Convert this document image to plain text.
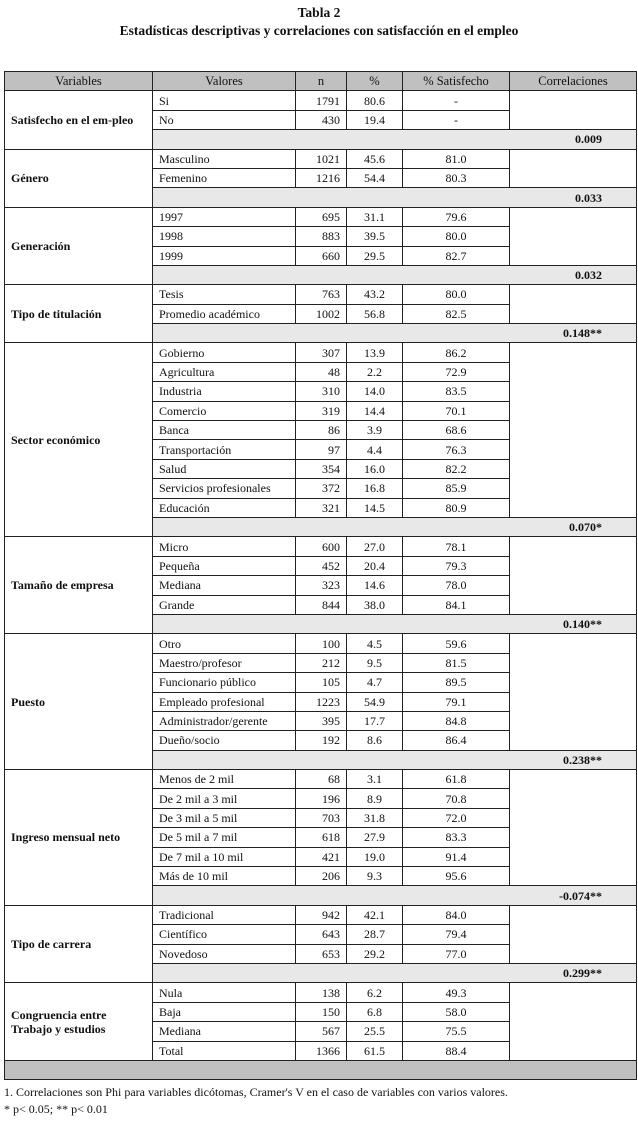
Tabla 2
Estadísticas descriptivas y correlaciones con satisfacción en el empleo
Variables	Valores	n	%	% Satisfecho	Correlaciones
Satisfecho en el em-pleo	Si	1791	80.6	-	
	No	430	19.4	-	
	0.009				
Género	Masculino	1021	45.6	81.0	
	Femenino	1216	54.4	80.3	
	0.033				
Generación	1997	695	31.1	79.6	
	1998	883	39.5	80.0	
	1999	660	29.5	82.7	
	0.032				
Tipo de titulación	Tesis	763	43.2	80.0	
	Promedio académico	1002	56.8	82.5	
	0.148**				
Sector económico	Gobierno	307	13.9	86.2	
	Agricultura	48	2.2	72.9	
	Industria	310	14.0	83.5	
	Comercio	319	14.4	70.1	
	Banca	86	3.9	68.6	
	Transportación	97	4.4	76.3	
	Salud	354	16.0	82.2	
	Servicios profesionales	372	16.8	85.9	
	Educación	321	14.5	80.9	
	0.070*				
Tamaño de empresa	Micro	600	27.0	78.1	
	Pequeña	452	20.4	79.3	
	Mediana	323	14.6	78.0	
	Grande	844	38.0	84.1	
	0.140**				
Puesto	Otro	100	4.5	59.6	
	Maestro/profesor	212	9.5	81.5	
	Funcionario público	105	4.7	89.5	
	Empleado profesional	1223	54.9	79.1	
	Administrador/gerente	395	17.7	84.8	
	Dueño/socio	192	8.6	86.4	
	0.238**				
Ingreso mensual neto	Menos de 2 mil	68	3.1	61.8	
	De 2 mil a 3 mil	196	8.9	70.8	
	De 3 mil a 5 mil	703	31.8	72.0	
	De 5 mil a 7 mil	618	27.9	83.3	
	De 7 mil a 10 mil	421	19.0	91.4	
	Más de 10 mil	206	9.3	95.6	
	-0.074**				
Tipo de carrera	Tradicional	942	42.1	84.0	
	Científico	643	28.7	79.4	
	Novedoso	653	29.2	77.0	
	0.299**				
Congruencia entre Trabajo y estudios	Nula	138	6.2	49.3	
	Baja	150	6.8	58.0	
	Mediana	567	25.5	75.5	
	Total	1366	61.5	88.4	

1. Correlaciones son Phi para variables dicótomas, Cramer's V en el caso de variables con varios valores.
* p< 0.05; ** p< 0.01
